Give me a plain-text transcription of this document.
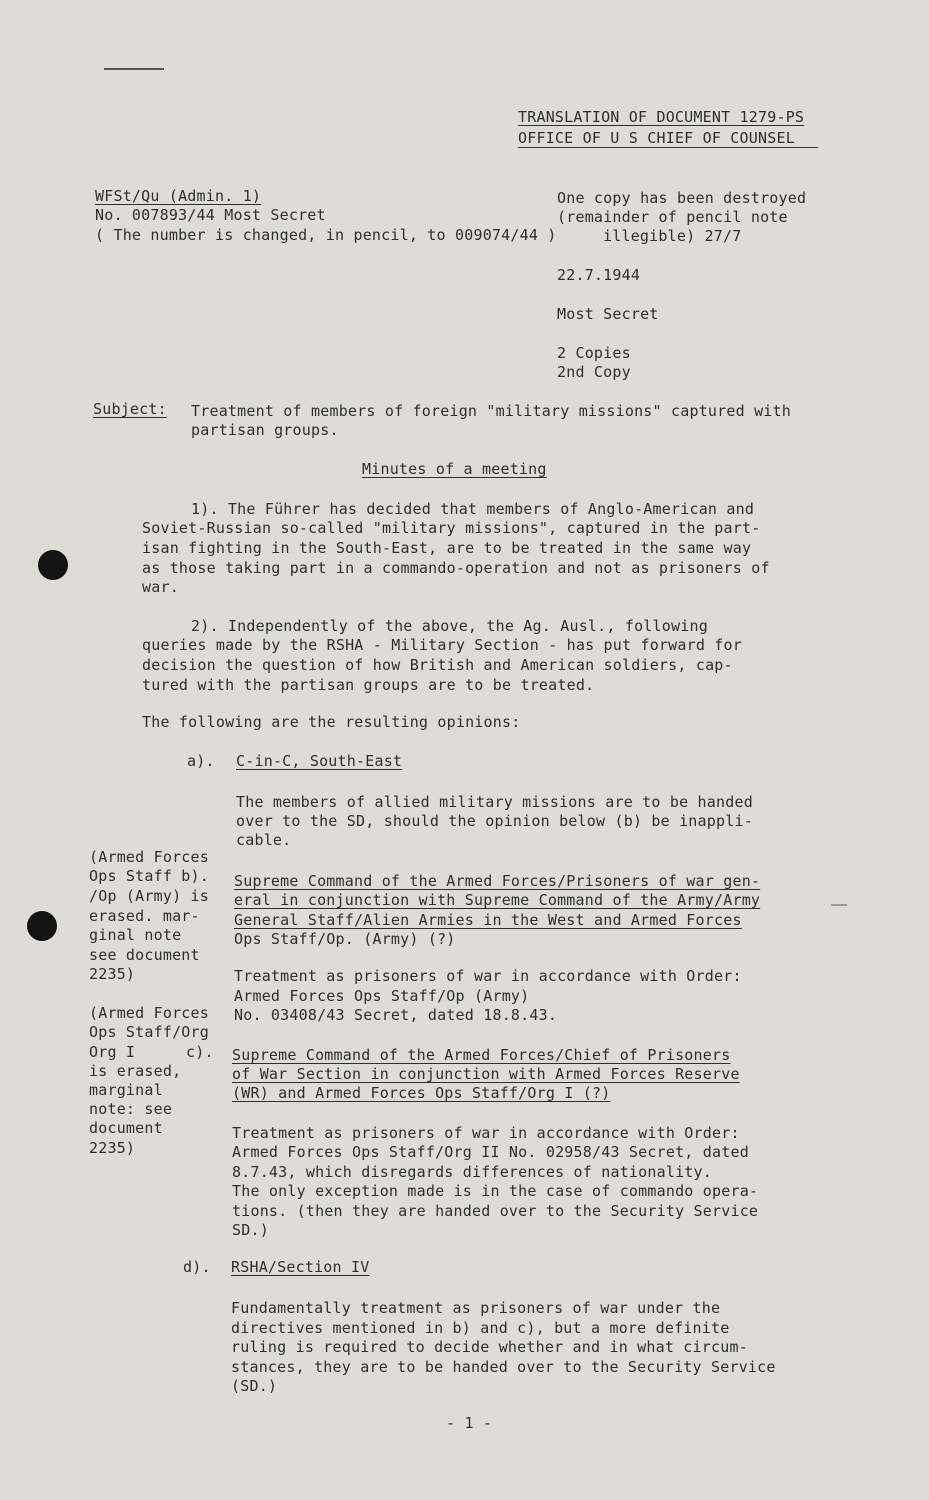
TRANSLATION OF DOCUMENT 1279-PS
OFFICE OF U S CHIEF OF COUNSEL
WFSt/Qu (Admin. 1)
No. 007893/44 Most Secret
( The number is changed, in pencil, to 009074/44 )
One copy has been destroyed
(remainder of pencil note
illegible) 27/7
22.7.1944
Most Secret
2 Copies
2nd Copy
Subject: Treatment of members of foreign "military missions" captured with
partisan groups.
Minutes of a meeting
1). The Führer has decided that members of Anglo-American and
Soviet-Russian so-called "military missions", captured in the part-
isan fighting in the South-East, are to be treated in the same way
as those taking part in a commando-operation and not as prisoners of
war.
2). Independently of the above, the Ag. Ausl., following
queries made by the RSHA - Military Section - has put forward for
decision the question of how British and American soldiers, cap-
tured with the partisan groups are to be treated.
The following are the resulting opinions:
a). C-in-C, South-East
The members of allied military missions are to be handed
over to the SD, should the opinion below (b) be inappli-
cable.
(Armed Forces
Ops Staff b).
/Op (Army) is
erased. mar-
ginal note
see document
2235)
Supreme Command of the Armed Forces/Prisoners of war gen-
eral in conjunction with Supreme Command of the Army/Army
General Staff/Alien Armies in the West and Armed Forces
Ops Staff/Op. (Army) (?)
Treatment as prisoners of war in accordance with Order:
Armed Forces Ops Staff/Op (Army)
No. 03408/43 Secret, dated 18.8.43.
(Armed Forces
Ops Staff/Org
Org I	c).
is erased,
marginal
note: see
document
2235)
Supreme Command of the Armed Forces/Chief of Prisoners
of War Section in conjunction with Armed Forces Reserve
(WR) and Armed Forces Ops Staff/Org I (?)
Treatment as prisoners of war in accordance with Order:
Armed Forces Ops Staff/Org II No. 02958/43 Secret, dated
8.7.43, which disregards differences of nationality.
The only exception made is in the case of commando opera-
tions. (then they are handed over to the Security Service
SD.)
d). RSHA/Section IV
Fundamentally treatment as prisoners of war under the
directives mentioned in b) and c), but a more definite
ruling is required to decide whether and in what circum-
stances, they are to be handed over to the Security Service
(SD.)
- 1 -
